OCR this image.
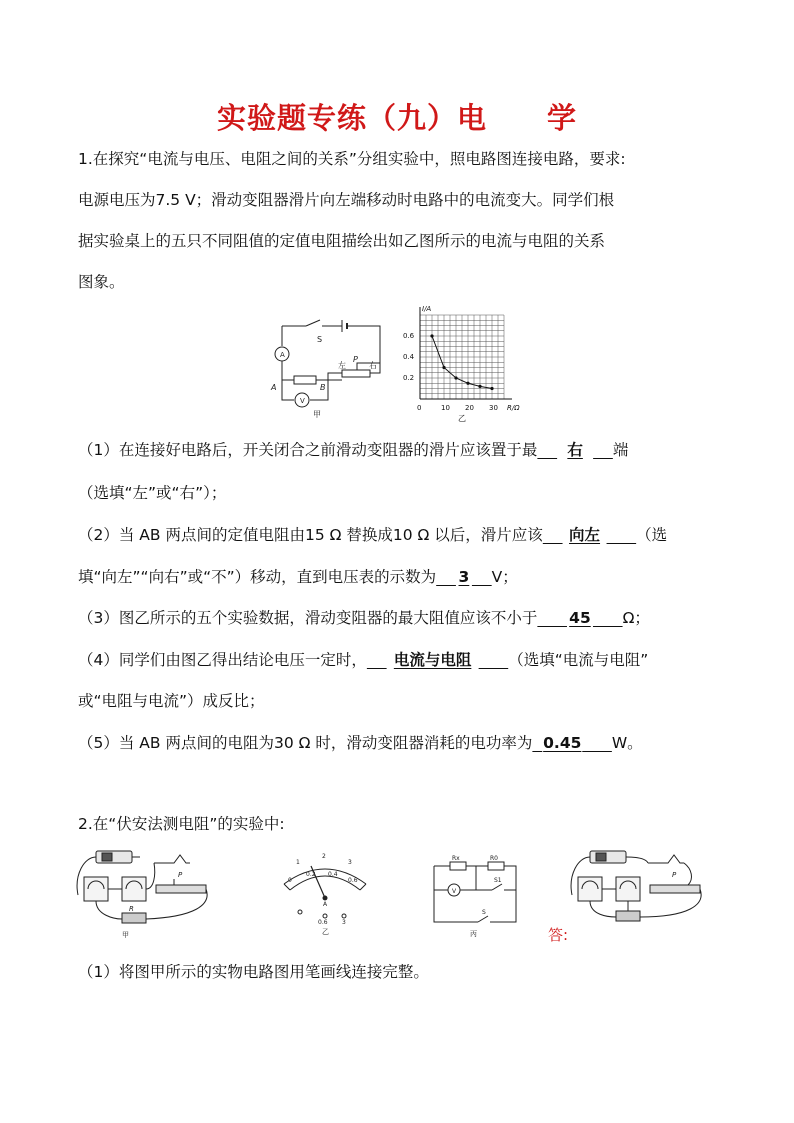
实验题专练（九）电　　学
1.在探究“电流与电压、电阻之间的关系”分组实验中，照电路图连接电路，要求:
电源电压为7.5 V；滑动变阻器滑片向左端移动时电路中的电流变大。同学们根
据实验桌上的五只不同阻值的定值电阻描绘出如乙图所示的电流与电阻的关系
图象。
A
V
S
A	B
左
P
右
甲
0	10 20 30
0.2
0.4
0.6
I/A
R/Ω
乙
（1）在连接好电路后，开关闭合之前滑动变阻器的滑片应该置于最   右   端
（选填“左”或“右”）；
（2）当 AB 两点间的定值电阻由15 Ω 替换成10 Ω 以后，滑片应该   向左    （选
填“向左”“向右”或“不”）移动，直到电压表的示数为   3   V；
（3）图乙所示的五个实验数据，滑动变阻器的最大阻值应该不小于    45    Ω；
（4）同学们由图乙得出结论电压一定时，   电流与电阻    （选填“电流与电阻”
或“电阻与电流”）成反比；
（5）当 AB 两点间的电阻为30 Ω 时，滑动变阻器消耗的电功率为  0.45    W。
2.在“伏安法测电阻”的实验中:
P
R
甲
1
2
3
0
0.2 0.4
0.6
A
0.6 3
乙
Rx	R0
V
S1
S
丙
P
答:
（1）将图甲所示的实物电路图用笔画线连接完整。
